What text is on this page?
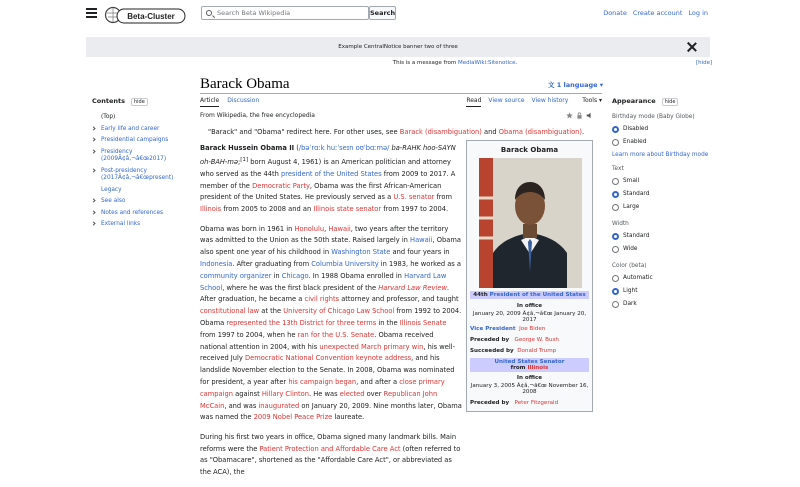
Beta-Cluster	Search Beta Wikipedia	Search	Donate Create account Log in
Example CentralNotice banner two of three
This is a message from MediaWiki:Sitenotice.	[hide]
Barack Obama	文 1 language ▾
Article Discussion	Read View source View history Tools ▾
Contents hide
(Top)
Early life and career
Presidential campaigns
Presidency (2009Ã¢â‚¬â€œ2017)
Post-presidency (2017Ã¢â‚¬â€œpresent)
Legacy
See also
Notes and references
External links
From Wikipedia, the free encyclopedia
"Barack" and "Obama" redirect here. For other uses, see Barack (disambiguation) and Obama (disambiguation).

Barack Hussein Obama II (/bəˈrɑːk huːˈseɪn oʊˈbɑːmə/ ba-RAHK hoo-SAYN oh-BAH-mə;[1] born August 4, 1961) is an American politician and attorney who served as the 44th president of the United States from 2009 to 2017. A member of the Democratic Party, Obama was the first African-American president of the United States. He previously served as a U.S. senator from Illinois from 2005 to 2008 and an Illinois state senator from 1997 to 2004.

Obama was born in 1961 in Honolulu, Hawaii, two years after the territory was admitted to the Union as the 50th state. Raised largely in Hawaii, Obama also spent one year of his childhood in Washington State and four years in Indonesia. After graduating from Columbia University in 1983, he worked as a community organizer in Chicago. In 1988 Obama enrolled in Harvard Law School, where he was the first black president of the Harvard Law Review. After graduation, he became a civil rights attorney and professor, and taught constitutional law at the University of Chicago Law School from 1992 to 2004. Obama represented the 13th District for three terms in the Illinois Senate from 1997 to 2004, when he ran for the U.S. Senate. Obama received national attention in 2004, with his unexpected March primary win, his well-received July Democratic National Convention keynote address, and his landslide November election to the Senate. In 2008, Obama was nominated for president, a year after his campaign began, and after a close primary campaign against Hillary Clinton. He was elected over Republican John McCain, and was inaugurated on January 20, 2009. Nine months later, Obama was named the 2009 Nobel Peace Prize laureate.

During his first two years in office, Obama signed many landmark bills. Main reforms were the Patient Protection and Affordable Care Act (often referred to as "Obamacare", shortened as the "Affordable Care Act", or abbreviated as the ACA), the

Barack Obama
44th President of the United States
In office
January 20, 2009 Ã¢â‚¬â€œ January 20, 2017
Vice President Joe Biden
Preceded by George W. Bush
Succeeded by Donald Trump
United States Senator
from Illinois
In office
January 3, 2005 Ã¢â‚¬â€œ November 16, 2008
Preceded by Peter Fitzgerald
Appearance hide
Birthday mode (Baby Globe)
Disabled
Enabled
Learn more about Birthday mode
Text
Small
Standard
Large
Width
Standard
Wide
Color (beta)
Automatic
Light
Dark
